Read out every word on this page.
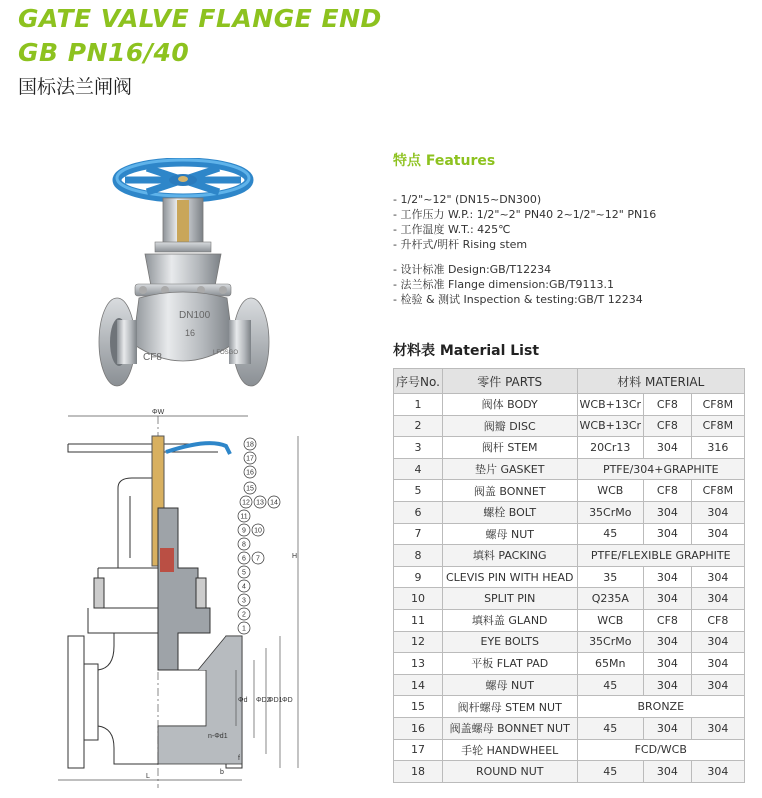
GATE VALVE FLANGE END
GB PN16/40
国标法兰闸阀
DN100
16
CF8	LFOSGO
ΦW
H
L
Φd ΦD2
ΦD1 ΦD
n-Φd1
b
f
18
17
16
15
12 13 14
11
9 10
8
6 7
5
4
3
2
1
特点 Features
- 1/2"~12" (DN15~DN300)
- 工作压力 W.P.: 1/2"~2" PN40 2~1/2"~12" PN16
- 工作温度 W.T.: 425℃
- 升杆式/明杆 Rising stem
- 设计标准 Design:GB/T12234
- 法兰标准 Flange dimension:GB/T9113.1
- 检验 & 测试 Inspection & testing:GB/T 12234
材料表 Material List
序号No.	零件 PARTS	材料 MATERIAL		
1	阀体 BODY	WCB+13Cr	CF8	CF8M
2	阀瓣 DISC	WCB+13Cr	CF8	CF8M
3	阀杆 STEM	20Cr13	304	316
4	垫片 GASKET	PTFE/304+GRAPHITE		
5	阀盖 BONNET	WCB	CF8	CF8M
6	螺栓 BOLT	35CrMo	304	304
7	螺母 NUT	45	304	304
8	填料 PACKING	PTFE/FLEXIBLE GRAPHITE		
9	CLEVIS PIN WITH HEAD	35	304	304
10	SPLIT PIN	Q235A	304	304
11	填料盖 GLAND	WCB	CF8	CF8
12	EYE BOLTS	35CrMo	304	304
13	平板 FLAT PAD	65Mn	304	304
14	螺母 NUT	45	304	304
15	阀杆螺母 STEM NUT	BRONZE		
16	阀盖螺母 BONNET NUT	45	304	304
17	手轮 HANDWHEEL	FCD/WCB		
18	ROUND NUT	45	304	304
